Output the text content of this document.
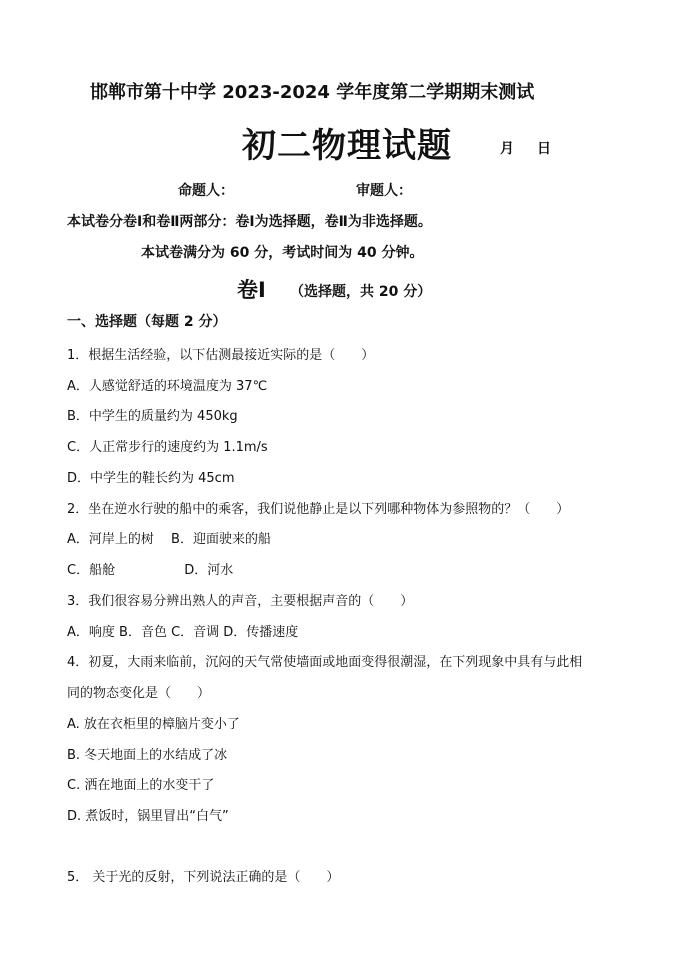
邯郸市第十中学 2023-2024 学年度第二学期期末测试
初二物理试题	月 日
命题人：	审题人：
本试卷分卷Ⅰ和卷Ⅱ两部分：卷Ⅰ为选择题，卷Ⅱ为非选择题。
本试卷满分为 60 分，考试时间为 40 分钟。
卷Ⅰ （选择题，共 20 分）
一、选择题（每题 2 分）
1．根据生活经验，以下估测最接近实际的是（　　）
A．人感觉舒适的环境温度为 37℃
B．中学生的质量约为 450kg
C．人正常步行的速度约为 1.1m/s
D．中学生的鞋长约为 45cm
2．坐在逆水行驶的船中的乘客，我们说他静止是以下列哪种物体为参照物的？（　　）
A．河岸上的树　 B．迎面驶来的船
C．船舱　　　　　 D．河水
3．我们很容易分辨出熟人的声音，主要根据声音的（　　）
A．响度 B．音色 C．音调 D．传播速度
4．初夏，大雨来临前，沉闷的天气常使墙面或地面变得很潮湿，在下列现象中具有与此相
同的物态变化是（　　）
A. 放在衣柜里的樟脑片变小了
B. 冬天地面上的水结成了冰
C. 洒在地面上的水变干了
D. 煮饭时，锅里冒出“白气”
5． 关于光的反射，下列说法正确的是（　　）
